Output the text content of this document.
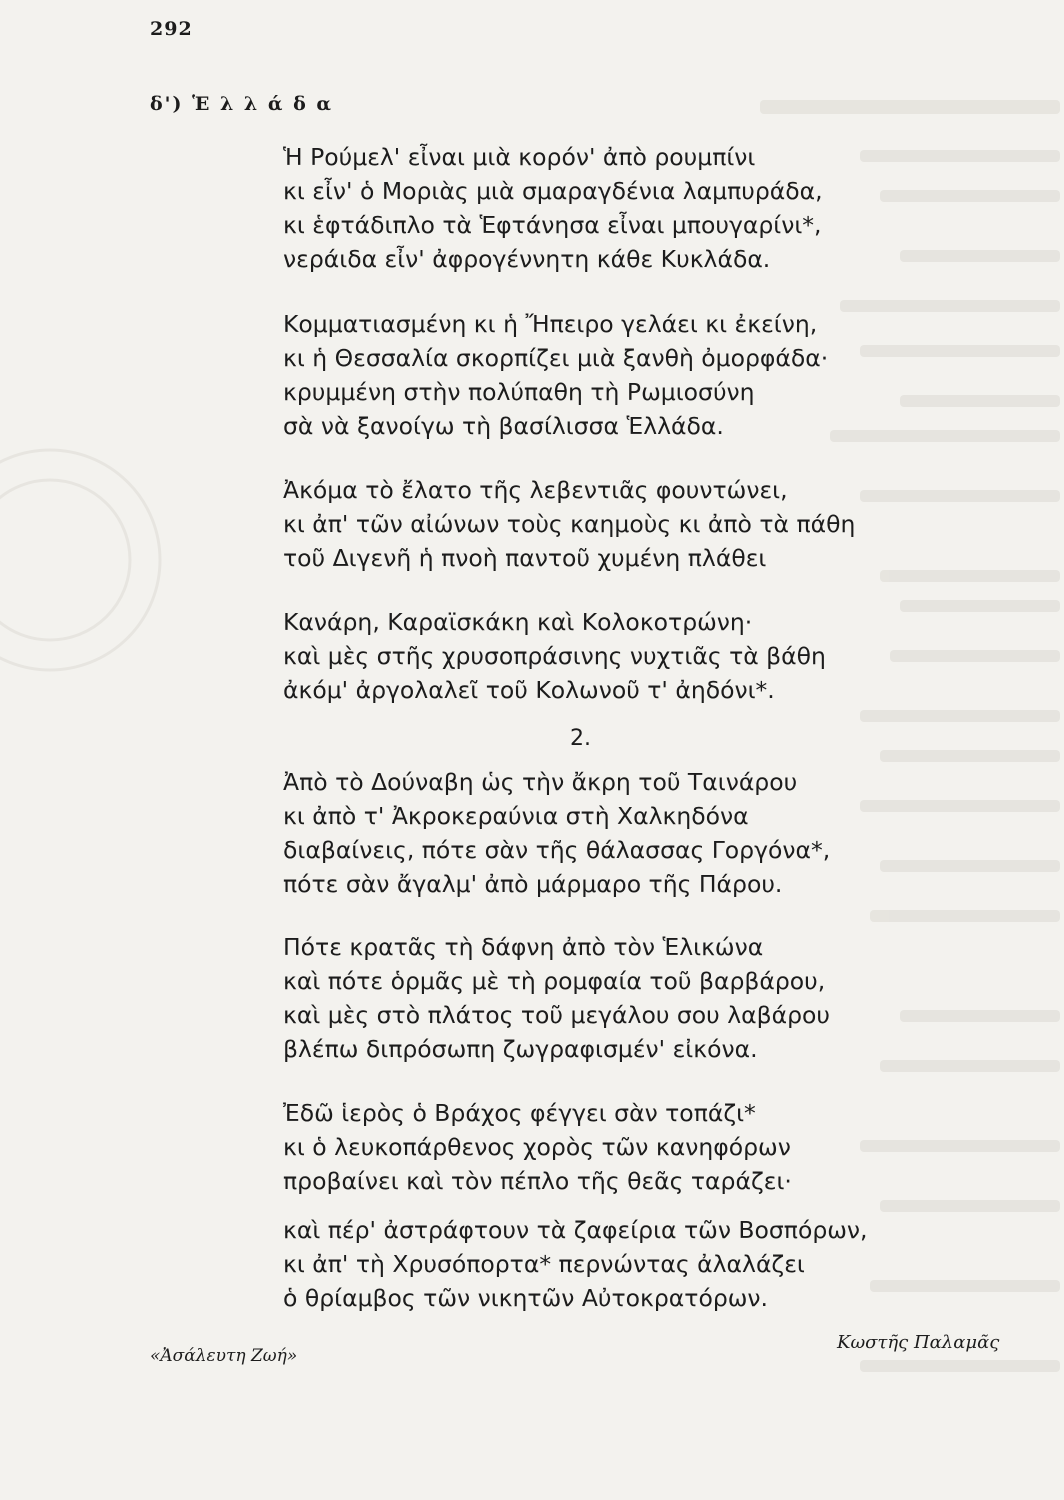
292
δ') Ἑ λ λ ά δ α
Ἡ Ρούμελ' εἶναι μιὰ κορόν' ἀπὸ ρουμπίνι
κι εἶν' ὁ Μοριὰς μιὰ σμαραγδένια λαμπυράδα,
κι ἑφτάδιπλο τὰ Ἑφτάνησα εἶναι μπουγαρίνι*,
νεράιδα εἶν' ἀφρογέννητη κάθε Κυκλάδα.
Κομματιασμένη κι ἡ Ἤπειρο γελάει κι ἐκείνη,
κι ἡ Θεσσαλία σκορπίζει μιὰ ξανθὴ ὀμορφάδα·
κρυμμένη στὴν πολύπαθη τὴ Ρωμιοσύνη
σὰ νὰ ξανοίγω τὴ βασίλισσα Ἑλλάδα.
Ἀκόμα τὸ ἔλατο τῆς λεβεντιᾶς φουντώνει,
κι ἀπ' τῶν αἰώνων τοὺς καημοὺς κι ἀπὸ τὰ πάθη
τοῦ Διγενῆ ἡ πνοὴ παντοῦ χυμένη πλάθει
Κανάρη, Καραϊσκάκη καὶ Κολοκοτρώνη·
καὶ μὲς στῆς χρυσοπράσινης νυχτιᾶς τὰ βάθη
ἀκόμ' ἀργολαλεῖ τοῦ Κολωνοῦ τ' ἀηδόνι*.
Ἀπὸ τὸ Δούναβη ὡς τὴν ἄκρη τοῦ Ταινάρου
κι ἀπὸ τ' Ἀκροκεραύνια στὴ Χαλκηδόνα
διαβαίνεις, πότε σὰν τῆς θάλασσας Γοργόνα*,
πότε σὰν ἄγαλμ' ἀπὸ μάρμαρο τῆς Πάρου.
Πότε κρατᾶς τὴ δάφνη ἀπὸ τὸν Ἑλικώνα
καὶ πότε ὁρμᾶς μὲ τὴ ρομφαία τοῦ βαρβάρου,
καὶ μὲς στὸ πλάτος τοῦ μεγάλου σου λαβάρου
βλέπω διπρόσωπη ζωγραφισμέν' εἰκόνα.
Ἐδῶ ἱερὸς ὁ Βράχος φέγγει σὰν τοπάζι*
κι ὁ λευκοπάρθενος χορὸς τῶν κανηφόρων
προβαίνει καὶ τὸν πέπλο τῆς θεᾶς ταράζει·
καὶ πέρ' ἀστράφτουν τὰ ζαφείρια τῶν Βοσπόρων,
κι ἀπ' τὴ Χρυσόπορτα* περνώντας ἀλαλάζει
ὁ θρίαμβος τῶν νικητῶν Αὐτοκρατόρων.
2.
«Ἀσάλευτη Ζωή»
Κωστῆς Παλαμᾶς
